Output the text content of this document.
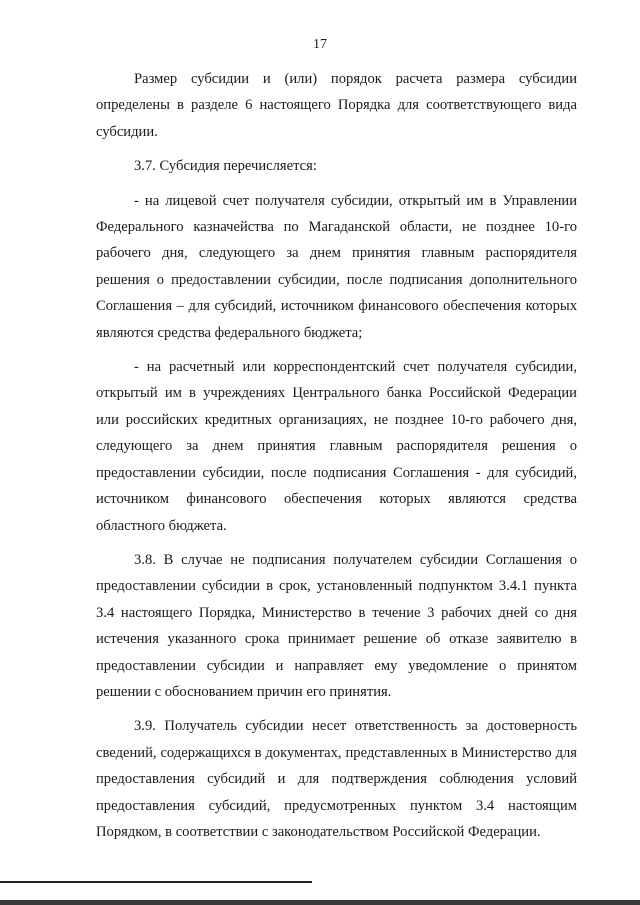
17

Размер субсидии и (или) порядок расчета размера субсидии определены в разделе 6 настоящего Порядка для соответствующего вида субсидии.

3.7. Субсидия перечисляется:

- на лицевой счет получателя субсидии, открытый им в Управлении Федерального казначейства по Магаданской области, не позднее 10-го рабочего дня, следующего за днем принятия главным распорядителя решения о предоставлении субсидии, после подписания дополнительного Соглашения – для субсидий, источником финансового обеспечения которых являются средства федерального бюджета;

- на расчетный или корреспондентский счет получателя субсидии, открытый им в учреждениях Центрального банка Российской Федерации или российских кредитных организациях, не позднее 10-го рабочего дня, следующего за днем принятия главным распорядителя решения о предоставлении субсидии, после подписания Соглашения - для субсидий, источником финансового обеспечения которых являются средства областного бюджета.

3.8. В случае не подписания получателем субсидии Соглашения о предоставлении субсидии в срок, установленный подпунктом 3.4.1 пункта 3.4 настоящего Порядка, Министерство в течение 3 рабочих дней со дня истечения указанного срока принимает решение об отказе заявителю в предоставлении субсидии и направляет ему уведомление о принятом решении с обоснованием причин его принятия.

3.9. Получатель субсидии несет ответственность за достоверность сведений, содержащихся в документах, представленных в Министерство для предоставления субсидий и для подтверждения соблюдения условий предоставления субсидий, предусмотренных пунктом 3.4 настоящим Порядком, в соответствии с законодательством Российской Федерации.
